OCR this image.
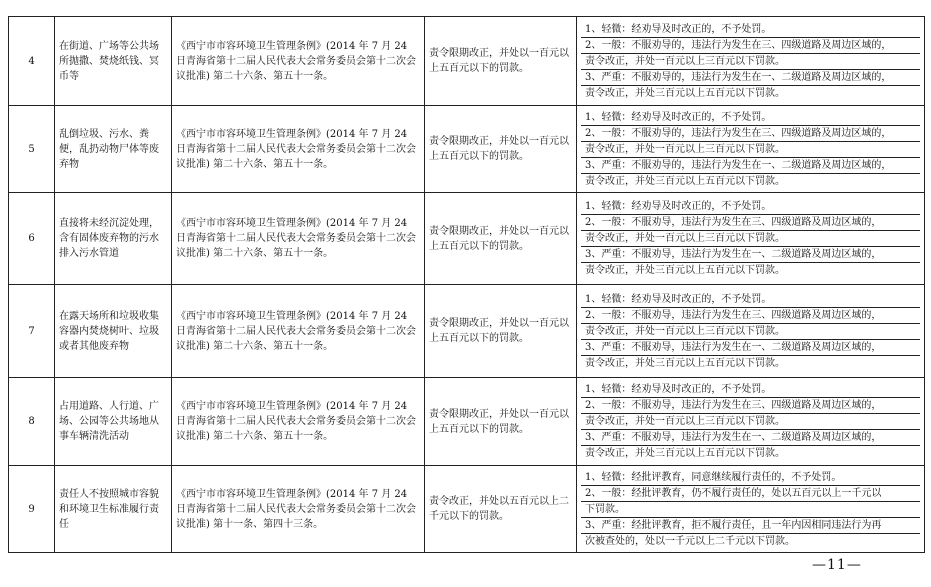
4	在街道、广场等公共场所抛撒、焚烧纸钱、冥币等	《西宁市市容环境卫生管理条例》(2014 年 7 月 24 日青海省第十二届人民代表大会常务委员会第十二次会议批准) 第二十六条、第五十一条。	责令限期改正，并处以一百元以上五百元以下的罚款。	1、轻微：经劝导及时改正的，不予处罚。
2、一般：不服劝导的，违法行为发生在三、四级道路及周边区域的，
责令改正，并处一百元以上三百元以下罚款。
3、严重：不服劝导的，违法行为发生在一、二级道路及周边区域的，
责令改正，并处三百元以上五百元以下罚款。

5	乱倒垃圾、污水、粪便，乱扔动物尸体等废弃物	《西宁市市容环境卫生管理条例》(2014 年 7 月 24 日青海省第十二届人民代表大会常务委员会第十二次会议批准) 第二十六条、第五十一条。	责令限期改正，并处以一百元以上五百元以下的罚款。	1、轻微：经劝导及时改正的，不予处罚。
2、一般：不服劝导的，违法行为发生在三、四级道路及周边区域的，
责令改正，并处一百元以上三百元以下罚款。
3、严重：不服劝导的，违法行为发生在一、二级道路及周边区域的，
责令改正，并处三百元以上五百元以下罚款。

6	直接将未经沉淀处理，含有固体废弃物的污水排入污水管道	《西宁市市容环境卫生管理条例》(2014 年 7 月 24 日青海省第十二届人民代表大会常务委员会第十二次会议批准) 第二十六条、第五十一条。	责令限期改正，并处以一百元以上五百元以下的罚款。	1、轻微：经劝导及时改正的，不予处罚。
2、一般：不服劝导，违法行为发生在三、四级道路及周边区域的，
责令改正，并处一百元以上三百元以下罚款。
3、严重：不服劝导，违法行为发生在一、二级道路及周边区域的，
责令改正，并处三百元以上五百元以下罚款。

7	在露天场所和垃圾收集容器内焚烧树叶、垃圾或者其他废弃物	《西宁市市容环境卫生管理条例》(2014 年 7 月 24 日青海省第十二届人民代表大会常务委员会第十二次会议批准) 第二十六条、第五十一条。	责令限期改正，并处以一百元以上五百元以下的罚款。	1、轻微：经劝导及时改正的，不予处罚。
2、一般：不服劝导，违法行为发生在三、四级道路及周边区域的，
责令改正，并处一百元以上三百元以下罚款。
3、严重：不服劝导，违法行为发生在一、二级道路及周边区域的，
责令改正，并处三百元以上五百元以下罚款。

8	占用道路、人行道、广场、公园等公共场地从事车辆清洗活动	《西宁市市容环境卫生管理条例》(2014 年 7 月 24 日青海省第十二届人民代表大会常务委员会第十二次会议批准) 第二十六条、第五十一条。	责令限期改正，并处以一百元以上五百元以下的罚款。	1、轻微：经劝导及时改正的，不予处罚。
2、一般：不服劝导，违法行为发生在三、四级道路及周边区域的，
责令改正，并处一百元以上三百元以下罚款。
3、严重：不服劝导，违法行为发生在一、二级道路及周边区域的，
责令改正，并处三百元以上五百元以下罚款。

9	责任人不按照城市容貌和环境卫生标准履行责任	《西宁市市容环境卫生管理条例》(2014 年 7 月 24 日青海省第十二届人民代表大会常务委员会第十二次会议批准) 第十一条、第四十三条。	责令改正，并处以五百元以上二千元以下的罚款。	1、轻微：经批评教育，同意继续履行责任的，不予处罚。
2、一般：经批评教育，仍不履行责任的，处以五百元以上一千元以
下罚款。
3、严重：经批评教育，拒不履行责任，且一年内因相同违法行为再
次被查处的，处以一千元以上二千元以下罚款。
—11—
